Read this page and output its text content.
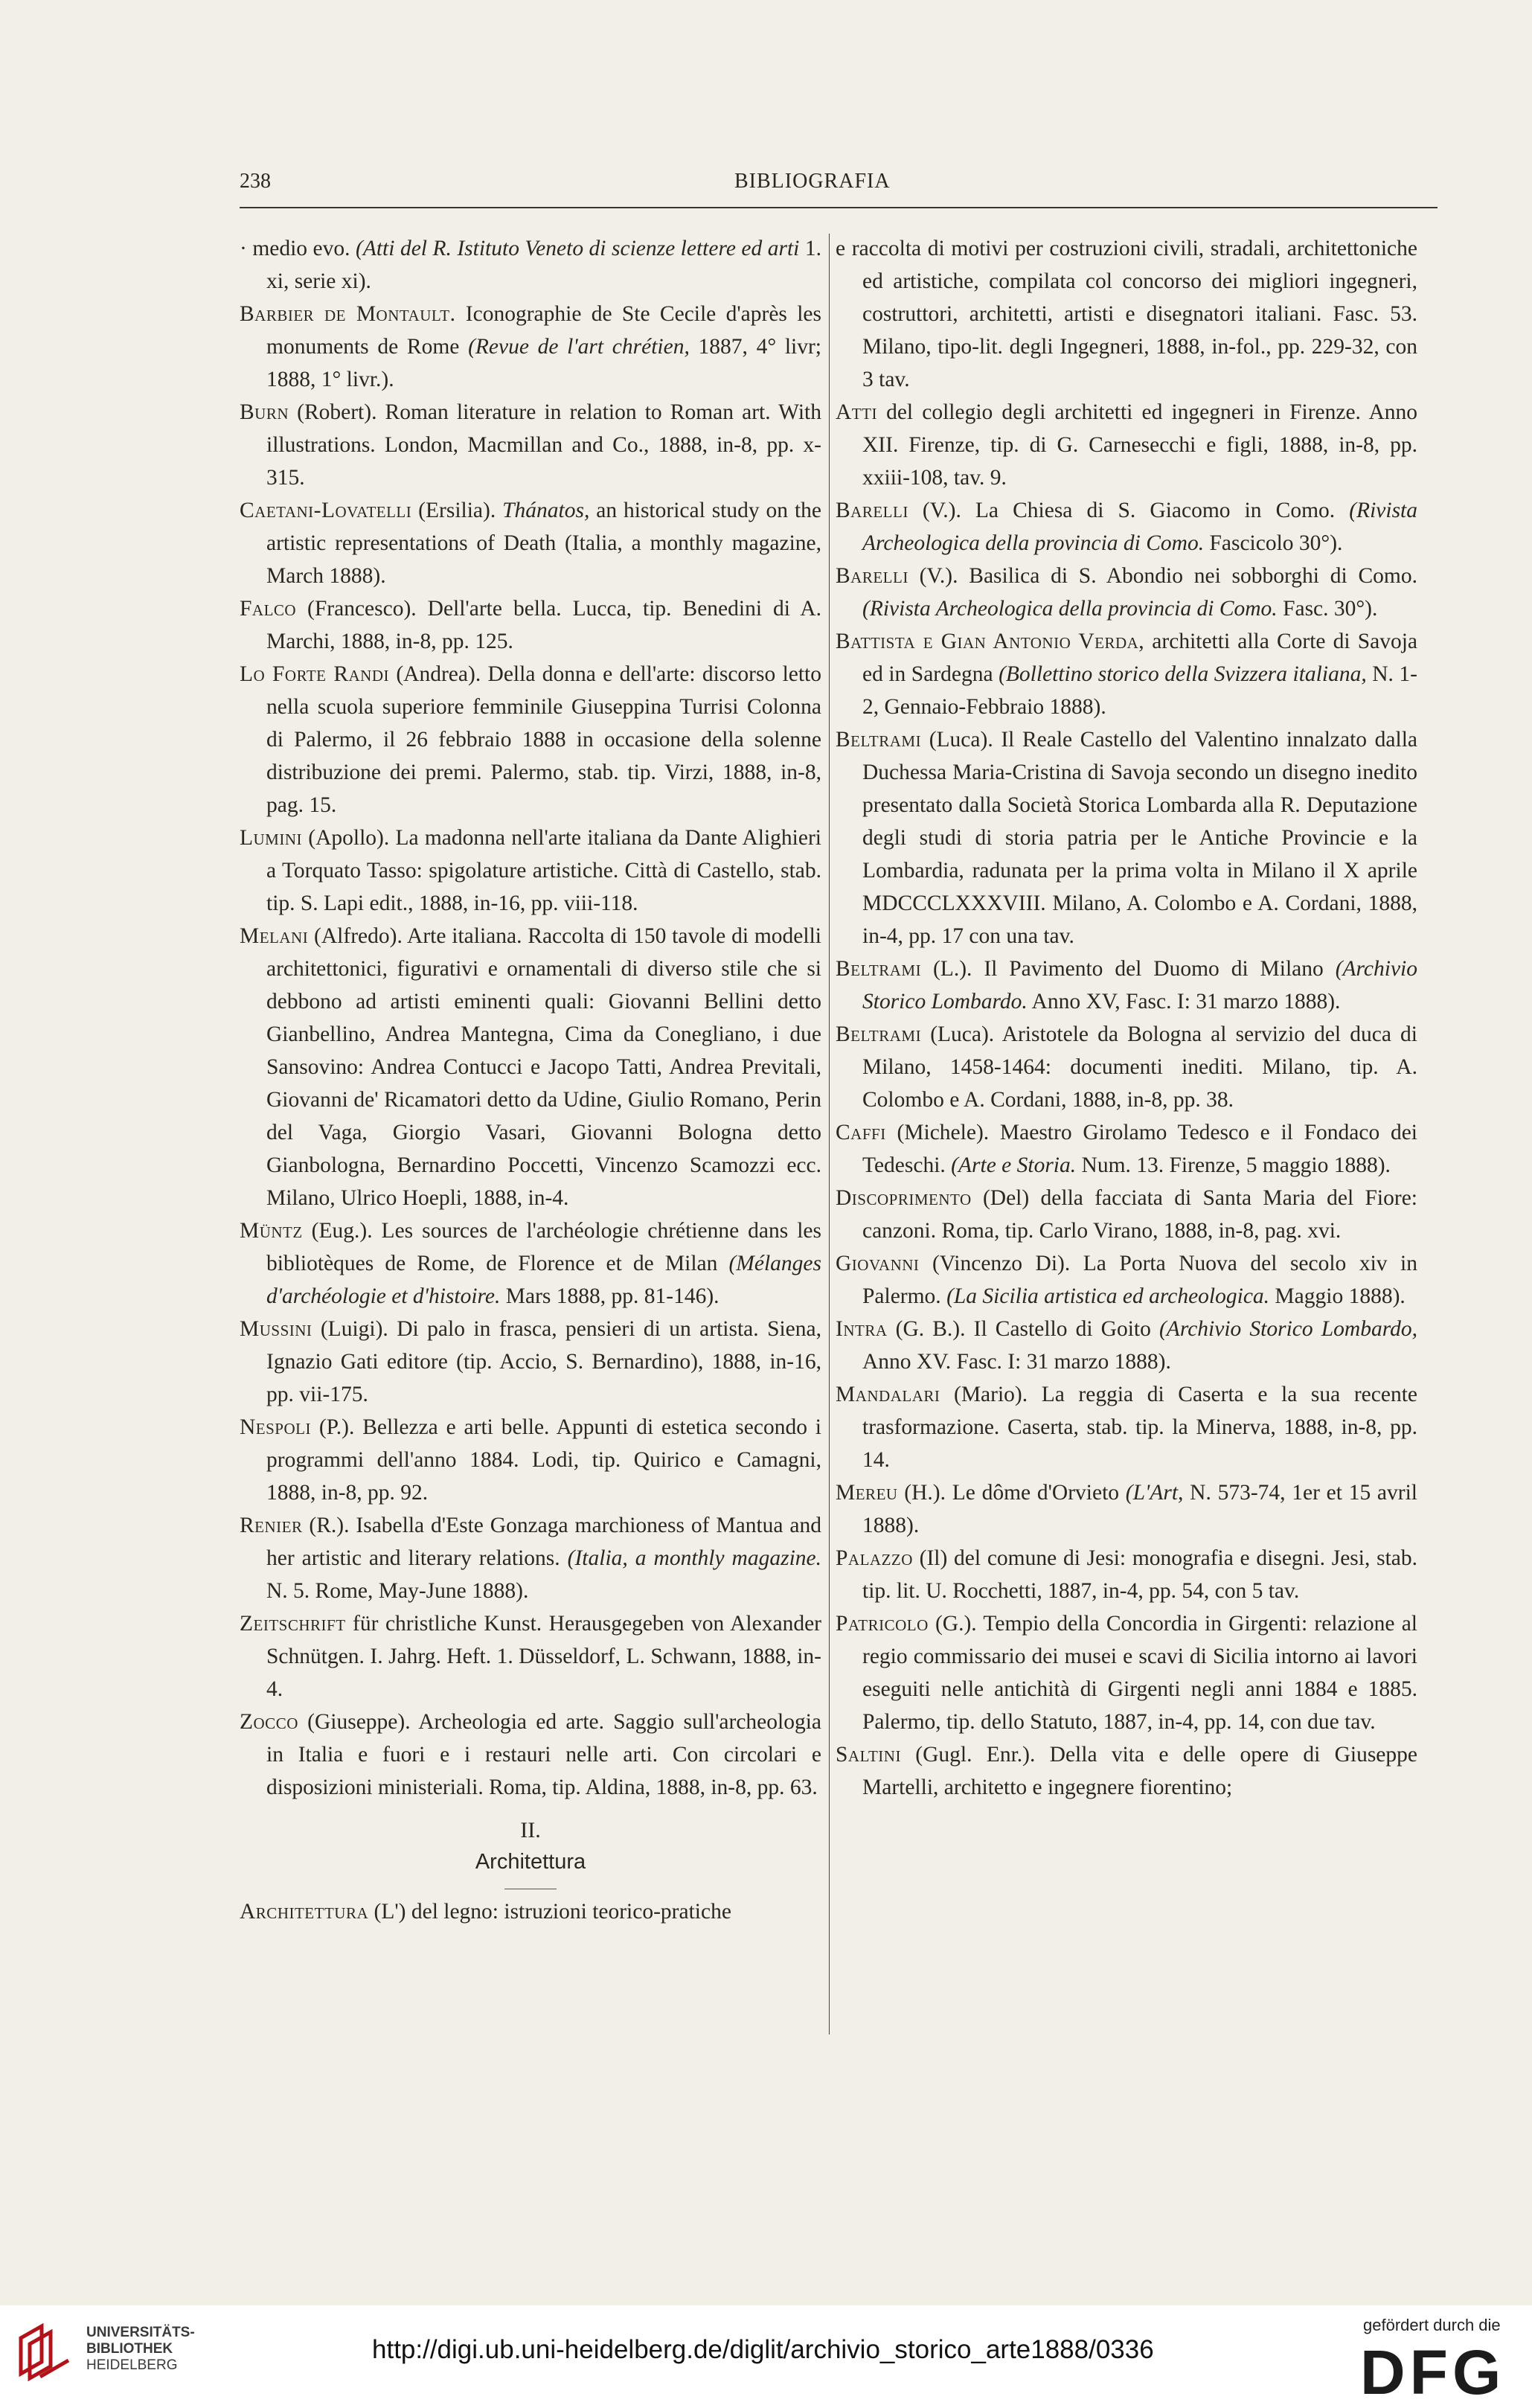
238	BIBLIOGRAFIA

· medio evo. (Atti del R. Istituto Veneto di scienze lettere ed arti 1. xi, serie xi).

Barbier de Montault. Iconographie de Ste Cecile d'après les monuments de Rome (Revue de l'art chrétien, 1887, 4° livr; 1888, 1° livr.).

Burn (Robert). Roman literature in relation to Roman art. With illustrations. London, Macmillan and Co., 1888, in-8, pp. x-315.

Caetani-Lovatelli (Ersilia). Thánatos, an historical study on the artistic representations of Death (Italia, a monthly magazine, March 1888).

Falco (Francesco). Dell'arte bella. Lucca, tip. Benedini di A. Marchi, 1888, in-8, pp. 125.

Lo Forte Randi (Andrea). Della donna e dell'arte: discorso letto nella scuola superiore femminile Giuseppina Turrisi Colonna di Palermo, il 26 febbraio 1888 in occasione della solenne distribuzione dei premi. Palermo, stab. tip. Virzi, 1888, in-8, pag. 15.

Lumini (Apollo). La madonna nell'arte italiana da Dante Alighieri a Torquato Tasso: spigolature artistiche. Città di Castello, stab. tip. S. Lapi edit., 1888, in-16, pp. viii-118.

Melani (Alfredo). Arte italiana. Raccolta di 150 tavole di modelli architettonici, figurativi e ornamentali di diverso stile che si debbono ad artisti eminenti quali: Giovanni Bellini detto Gianbellino, Andrea Mantegna, Cima da Conegliano, i due Sansovino: Andrea Contucci e Jacopo Tatti, Andrea Previtali, Giovanni de' Ricamatori detto da Udine, Giulio Romano, Perin del Vaga, Giorgio Vasari, Giovanni Bologna detto Gianbologna, Bernardino Poccetti, Vincenzo Scamozzi ecc. Milano, Ulrico Hoepli, 1888, in-4.

Müntz (Eug.). Les sources de l'archéologie chrétienne dans les bibliotèques de Rome, de Florence et de Milan (Mélanges d'archéologie et d'histoire. Mars 1888, pp. 81-146).

Mussini (Luigi). Di palo in frasca, pensieri di un artista. Siena, Ignazio Gati editore (tip. Accio, S. Bernardino), 1888, in-16, pp. vii-175.

Nespoli (P.). Bellezza e arti belle. Appunti di estetica secondo i programmi dell'anno 1884. Lodi, tip. Quirico e Camagni, 1888, in-8, pp. 92.

Renier (R.). Isabella d'Este Gonzaga marchioness of Mantua and her artistic and literary relations. (Italia, a monthly magazine. N. 5. Rome, May-June 1888).

Zeitschrift für christliche Kunst. Herausgegeben von Alexander Schnütgen. I. Jahrg. Heft. 1. Düsseldorf, L. Schwann, 1888, in-4.

Zocco (Giuseppe). Archeologia ed arte. Saggio sull'archeologia in Italia e fuori e i restauri nelle arti. Con circolari e disposizioni ministeriali. Roma, tip. Aldina, 1888, in-8, pp. 63.

II.
Architettura

Architettura (L') del legno: istruzioni teorico-pratiche

e raccolta di motivi per costruzioni civili, stradali, architettoniche ed artistiche, compilata col concorso dei migliori ingegneri, costruttori, architetti, artisti e disegnatori italiani. Fasc. 53. Milano, tipo-lit. degli Ingegneri, 1888, in-fol., pp. 229-32, con 3 tav.

Atti del collegio degli architetti ed ingegneri in Firenze. Anno XII. Firenze, tip. di G. Carnesecchi e figli, 1888, in-8, pp. xxiii-108, tav. 9.

Barelli (V.). La Chiesa di S. Giacomo in Como. (Rivista Archeologica della provincia di Como. Fascicolo 30°).

Barelli (V.). Basilica di S. Abondio nei sobborghi di Como. (Rivista Archeologica della provincia di Como. Fasc. 30°).

Battista e Gian Antonio Verda, architetti alla Corte di Savoja ed in Sardegna (Bollettino storico della Svizzera italiana, N. 1-2, Gennaio-Febbraio 1888).

Beltrami (Luca). Il Reale Castello del Valentino innalzato dalla Duchessa Maria-Cristina di Savoja secondo un disegno inedito presentato dalla Società Storica Lombarda alla R. Deputazione degli studi di storia patria per le Antiche Provincie e la Lombardia, radunata per la prima volta in Milano il X aprile MDCCCLXXXVIII. Milano, A. Colombo e A. Cordani, 1888, in-4, pp. 17 con una tav.

Beltrami (L.). Il Pavimento del Duomo di Milano (Archivio Storico Lombardo. Anno XV, Fasc. I: 31 marzo 1888).

Beltrami (Luca). Aristotele da Bologna al servizio del duca di Milano, 1458-1464: documenti inediti. Milano, tip. A. Colombo e A. Cordani, 1888, in-8, pp. 38.

Caffi (Michele). Maestro Girolamo Tedesco e il Fondaco dei Tedeschi. (Arte e Storia. Num. 13. Firenze, 5 maggio 1888).

Discoprimento (Del) della facciata di Santa Maria del Fiore: canzoni. Roma, tip. Carlo Virano, 1888, in-8, pag. xvi.

Giovanni (Vincenzo Di). La Porta Nuova del secolo xiv in Palermo. (La Sicilia artistica ed archeologica. Maggio 1888).

Intra (G. B.). Il Castello di Goito (Archivio Storico Lombardo, Anno XV. Fasc. I: 31 marzo 1888).

Mandalari (Mario). La reggia di Caserta e la sua recente trasformazione. Caserta, stab. tip. la Minerva, 1888, in-8, pp. 14.

Mereu (H.). Le dôme d'Orvieto (L'Art, N. 573-74, 1er et 15 avril 1888).

Palazzo (Il) del comune di Jesi: monografia e disegni. Jesi, stab. tip. lit. U. Rocchetti, 1887, in-4, pp. 54, con 5 tav.

Patricolo (G.). Tempio della Concordia in Girgenti: relazione al regio commissario dei musei e scavi di Sicilia intorno ai lavori eseguiti nelle antichità di Girgenti negli anni 1884 e 1885. Palermo, tip. dello Statuto, 1887, in-4, pp. 14, con due tav.

Saltini (Gugl. Enr.). Della vita e delle opere di Giuseppe Martelli, architetto e ingegnere fiorentino;

UNIVERSITÄTS-
BIBLIOTHEK
HEIDELBERG
http://digi.ub.uni-heidelberg.de/diglit/archivio_storico_arte1888/0336
gefördert durch die
DFG
